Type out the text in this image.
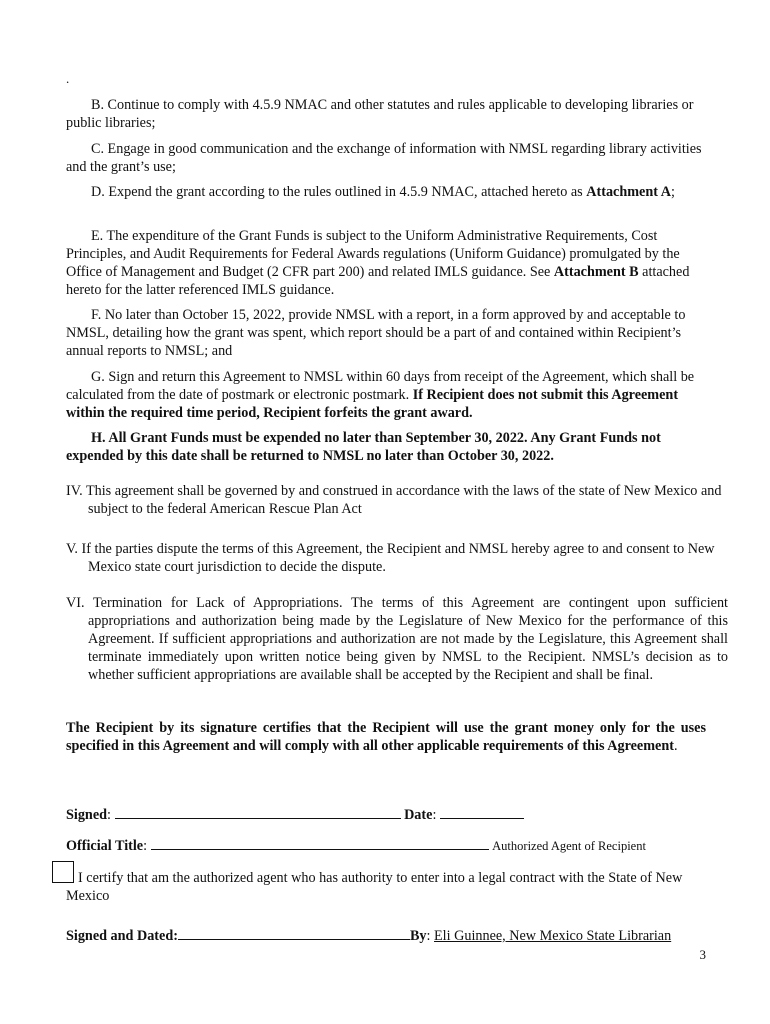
.

B. Continue to comply with 4.5.9 NMAC and other statutes and rules applicable to developing libraries or public libraries;

C. Engage in good communication and the exchange of information with NMSL regarding library activities and the grant’s use;

D. Expend the grant according to the rules outlined in 4.5.9 NMAC, attached hereto as Attachment A;

E. The expenditure of the Grant Funds is subject to the Uniform Administrative Requirements, Cost Principles, and Audit Requirements for Federal Awards regulations (Uniform Guidance) promulgated by the Office of Management and Budget (2 CFR part 200) and related IMLS guidance. See Attachment B attached hereto for the latter referenced IMLS guidance.

F. No later than October 15, 2022, provide NMSL with a report, in a form approved by and acceptable to NMSL, detailing how the grant was spent, which report should be a part of and contained within Recipient’s annual reports to NMSL; and

G. Sign and return this Agreement to NMSL within 60 days from receipt of the Agreement, which shall be calculated from the date of postmark or electronic postmark. If Recipient does not submit this Agreement within the required time period, Recipient forfeits the grant award.

H. All Grant Funds must be expended no later than September 30, 2022. Any Grant Funds not expended by this date shall be returned to NMSL no later than October 30, 2022.

IV. This agreement shall be governed by and construed in accordance with the laws of the state of New Mexico and subject to the federal American Rescue Plan Act

V. If the parties dispute the terms of this Agreement, the Recipient and NMSL hereby agree to and consent to New Mexico state court jurisdiction to decide the dispute.

VI. Termination for Lack of Appropriations. The terms of this Agreement are contingent upon sufficient appropriations and authorization being made by the Legislature of New Mexico for the performance of this Agreement. If sufficient appropriations and authorization are not made by the Legislature, this Agreement shall terminate immediately upon written notice being given by NMSL to the Recipient. NMSL’s decision as to whether sufficient appropriations are available shall be accepted by the Recipient and shall be final.

The Recipient by its signature certifies that the Recipient will use the grant money only for the uses specified in this Agreement and will comply with all other applicable requirements of this Agreement.

Signed:	Date:

Official Title:	Authorized Agent of Recipient

I certify that am the authorized agent who has authority to enter into a legal contract with the State of New Mexico

Signed and Dated:	By: Eli Guinnee, New Mexico State Librarian

3
